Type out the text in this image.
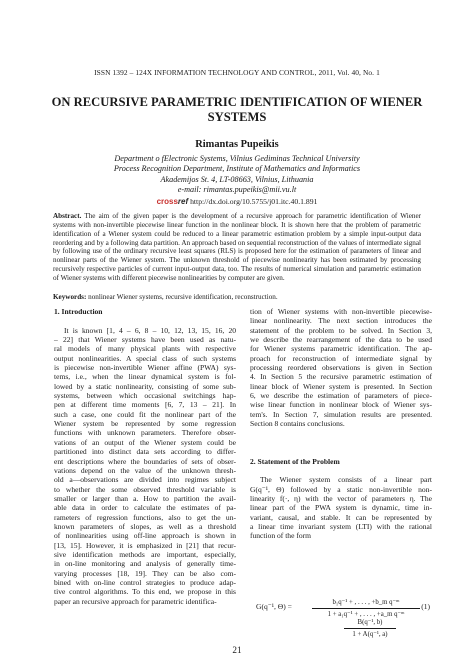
ISSN 1392 – 124X INFORMATION TECHNOLOGY AND CONTROL, 2011, Vol. 40, No. 1
ON RECURSIVE PARAMETRIC IDENTIFICATION OF WIENER
SYSTEMS
Rimantas Pupeikis
Department o fElectronic Systems, Vilnius Gediminas Technical University
Process Recognition Department, Institute of Mathematics and Informatics
Akademijos St. 4, LT-08663, Vilnius, Lithuania
e-mail: rimantas.pupeikis@mii.vu.lt
crossref http://dx.doi.org/10.5755/j01.itc.40.1.891
Abstract. The aim of the given paper is the development of a recursive approach for parametric identification of Wiener systems with non-invertible piecewise linear function in the nonlinear block. It is shown here that the problem of parametric identification of a Wiener system could be reduced to a linear parametric estimation problem by a simple input-output data reordering and by a following data partition. An approach based on sequential reconstruction of the values of intermediate signal by following use of the ordinary recursive least squares (RLS) is proposed here for the estimation of parameters of linear and nonlinear parts of the Wiener system. The unknown threshold of piecewise nonlinearity has been estimated by processing recursively respective particles of current input-output data, too. The results of numerical simulation and parametric estimation of Wiener systems with different piecewise nonlinearities by computer are given.
Keywords: nonlinear Wiener systems, recursive identification, reconstruction.
1. Introduction
It is known [1, 4 – 6, 8 – 10, 12, 13, 15, 16, 20
– 22] that Wiener systems have been used as natu-
ral models of many physical plants with respective
output nonlinearities. A special class of such systems
is piecewise non-invertible Wiener affine (PWA) sys-
tems, i.e., when the linear dynamical system is fol-
lowed by a static nonlinearity, consisting of some sub-
systems, between which occasional switchings hap-
pen at different time moments [6, 7, 13 – 21]. In
such a case, one could fit the nonlinear part of the
Wiener system be represented by some regression
functions with unknown parameters. Therefore obser-
vations of an output of the Wiener system could be
partitioned into distinct data sets according to differ-
ent descriptions where the boundaries of sets of obser-
vations depend on the value of the unknown thresh-
old a—observations are divided into regimes subject
to whether the some observed threshold variable is
smaller or larger than a. How to partition the avail-
able data in order to calculate the estimates of pa-
rameters of regression functions, also to get the un-
known parameters of slopes, as well as a threshold
of nonlinearities using off-line approach is shown in
[13, 15]. However, it is emphasized in [21] that recur-
sive identification methods are important, especially,
in on-line monitoring and analysis of generally time-
varying processes [18, 19]. They can be also com-
bined with on-line control strategies to produce adap-
tive control algorithms. To this end, we propose in this
paper an recursive approach for parametric identifica-
tion of Wiener systems with non-invertible piecewise-
linear nonlinearity. The next section introduces the
statement of the problem to be solved. In Section 3,
we describe the rearrangement of the data to be used
for Wiener systems parametric identification. The ap-
proach for reconstruction of intermediate signal by
processing reordered observations is given in Section
4. In Section 5 the recursive parametric estimation of
linear block of Wiener system is presented. In Section
6, we describe the estimation of parameters of piece-
wise linear function in nonlinear block of Wiener sys-
tem's. In Section 7, simulation results are presented.
Section 8 contains conclusions.
2. Statement of the Problem
The Wiener system consists of a linear part
G(q⁻¹, Θ) followed by a static non-invertible non-
linearity f(·, η) with the vector of parameters η. The
linear part of the PWA system is dynamic, time in-
variant, causal, and stable. It can be represented by
a linear time invariant system (LTI) with the rational
function of the form
G(q⁻¹, Θ) =	b₁q⁻¹ + , . . . , +b_m q⁻ᵐ
1 + a₁q⁻¹ + , . . . , +a_m q⁻ᵐ
(1)
B(q⁻¹, b)
1 + A(q⁻¹, a)
21
